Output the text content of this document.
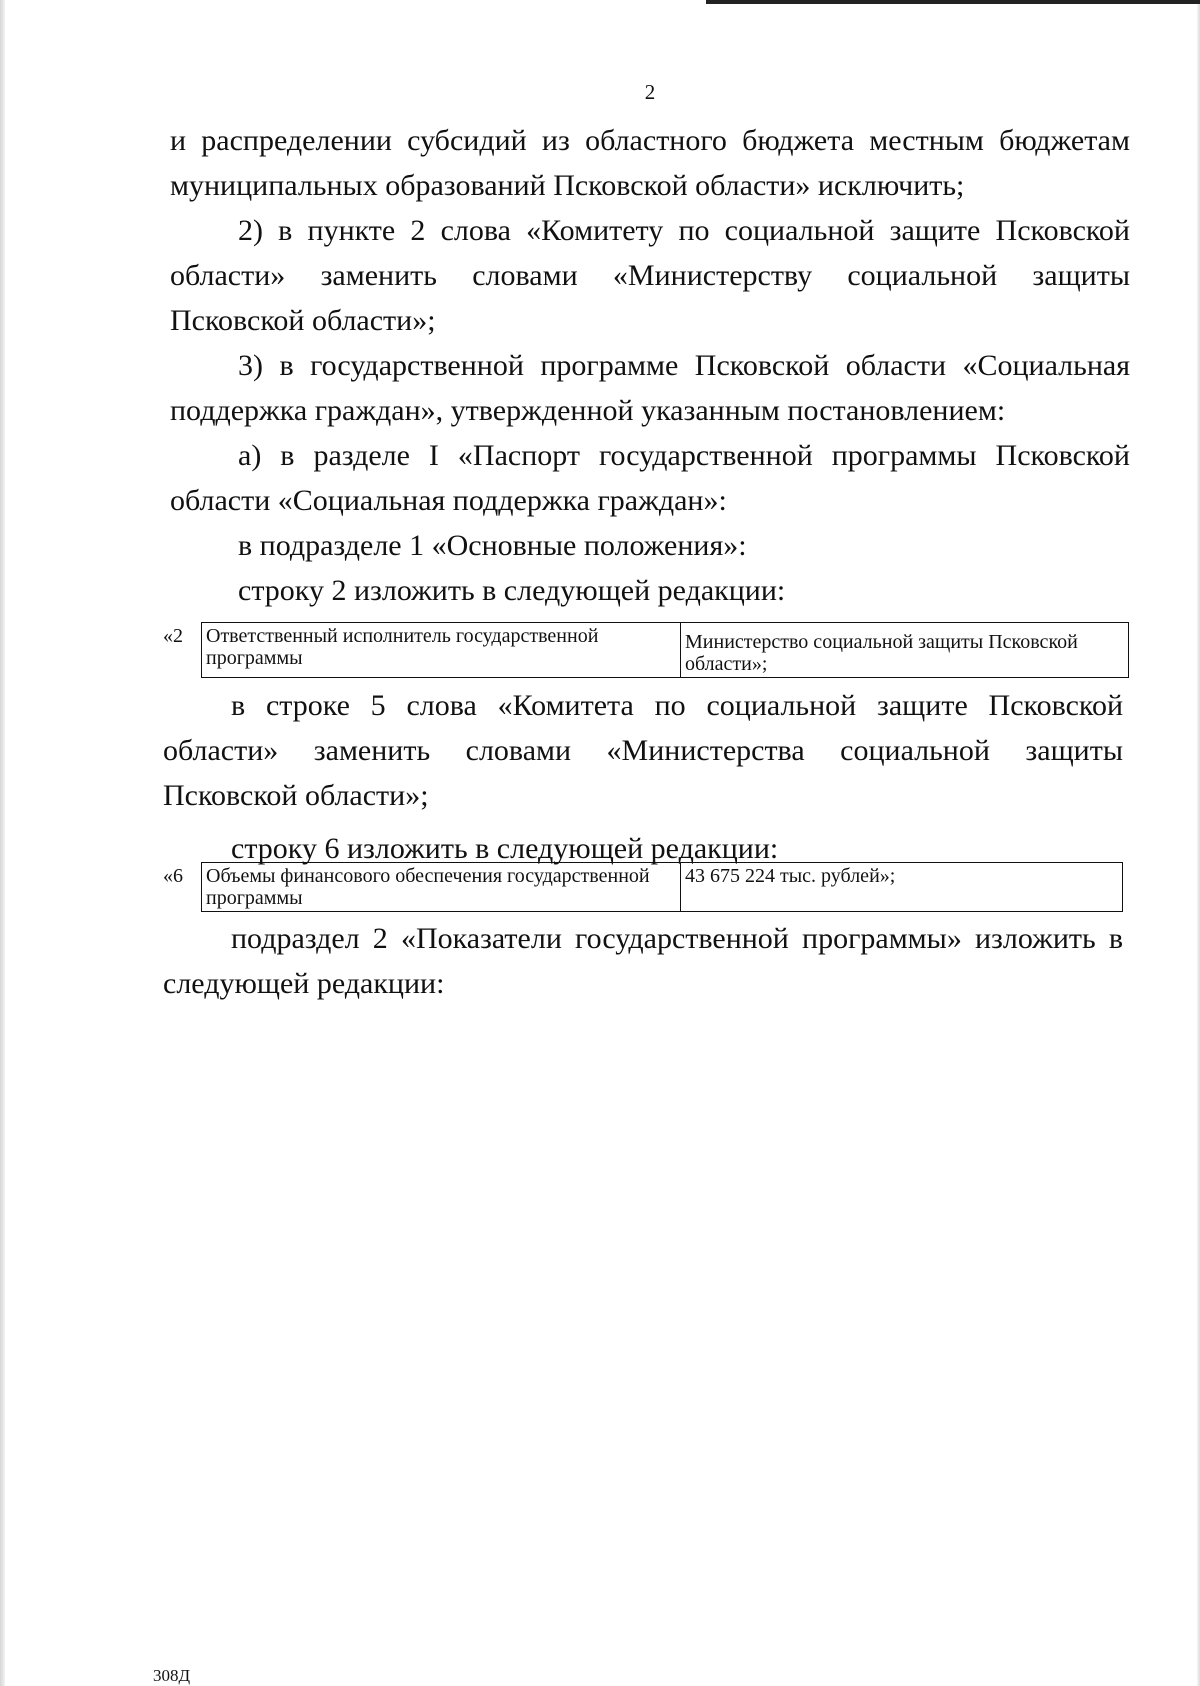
2

и распределении субсидий из областного бюджета местным бюджетам муниципальных образований Псковской области» исключить;

2) в пункте 2 слова «Комитету по социальной защите Псковской области» заменить словами «Министерству социальной защиты Псковской области»;

3) в государственной программе Псковской области «Социальная поддержка граждан», утвержденной указанным постановлением:

а) в разделе I «Паспорт государственной программы Псковской области «Социальная поддержка граждан»:

в подразделе 1 «Основные положения»:

строку 2 изложить в следующей редакции:

«2	Ответственный исполнитель государственной программы	Министерство социальной защиты Псковской области»;

в строке 5 слова «Комитета по социальной защите Псковской области» заменить словами «Министерства социальной защиты Псковской области»;

строку 6 изложить в следующей редакции:

«6	Объемы финансового обеспечения государственной программы	43 675 224 тыс. рублей»;

подраздел 2 «Показатели государственной программы» изложить в следующей редакции:

308Д
